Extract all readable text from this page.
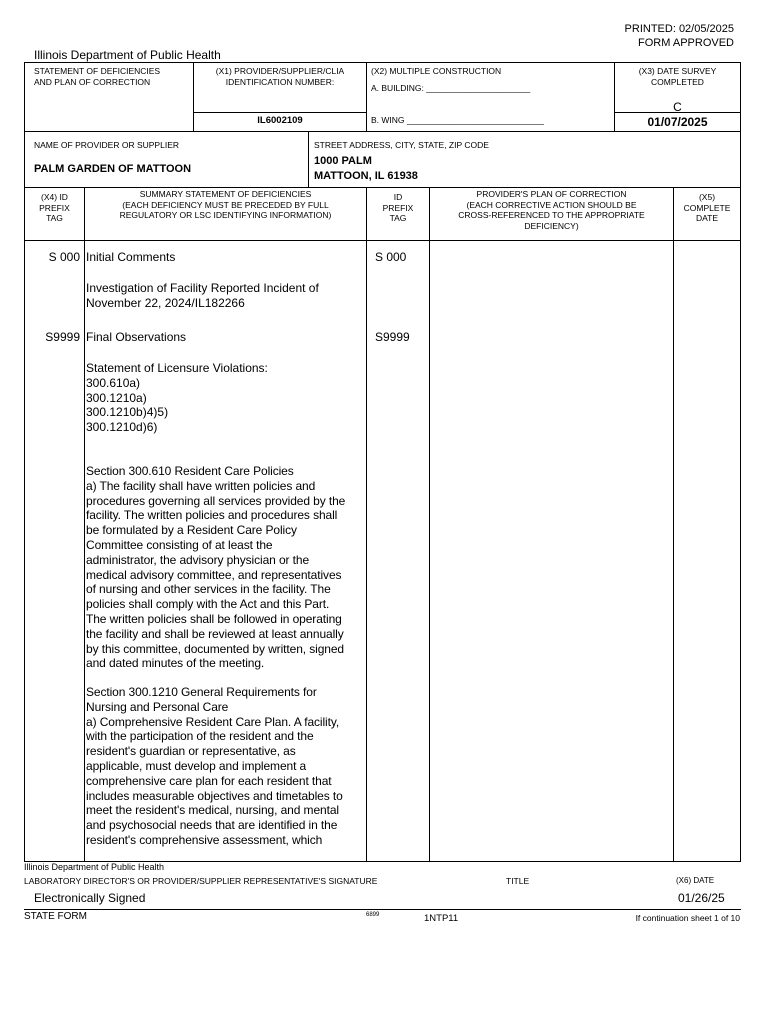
PRINTED: 02/05/2025
FORM APPROVED
Illinois Department of Public Health
STATEMENT OF DEFICIENCIES
AND PLAN OF CORRECTION
(X1) PROVIDER/SUPPLIER/CLIA
IDENTIFICATION NUMBER:
IL6002109
(X2) MULTIPLE CONSTRUCTION
A. BUILDING: ______________________
B. WING _____________________________
(X3) DATE SURVEY
COMPLETED
C
01/07/2025
NAME OF PROVIDER OR SUPPLIER
PALM GARDEN OF MATTOON
STREET ADDRESS, CITY, STATE, ZIP CODE
1000 PALM
MATTOON, IL 61938
(X4) ID
PREFIX
TAG
SUMMARY STATEMENT OF DEFICIENCIES
(EACH DEFICIENCY MUST BE PRECEDED BY FULL
REGULATORY OR LSC IDENTIFYING INFORMATION)
ID
PREFIX
TAG
PROVIDER'S PLAN OF CORRECTION
(EACH CORRECTIVE ACTION SHOULD BE
CROSS-REFERENCED TO THE APPROPRIATE
DEFICIENCY)
(X5)
COMPLETE
DATE
S 000 Initial Comments	S 000
Investigation of Facility Reported Incident of
November 22, 2024/IL182266
S9999 Final Observations	S9999
Statement of Licensure Violations:
300.610a)
300.1210a)
300.1210b)4)5)
300.1210d)6)
Section 300.610 Resident Care Policies
a) The facility shall have written policies and
procedures governing all services provided by the
facility. The written policies and procedures shall
be formulated by a Resident Care Policy
Committee consisting of at least the
administrator, the advisory physician or the
medical advisory committee, and representatives
of nursing and other services in the facility. The
policies shall comply with the Act and this Part.
The written policies shall be followed in operating
the facility and shall be reviewed at least annually
by this committee, documented by written, signed
and dated minutes of the meeting.
Section 300.1210 General Requirements for
Nursing and Personal Care
a) Comprehensive Resident Care Plan. A facility,
with the participation of the resident and the
resident's guardian or representative, as
applicable, must develop and implement a
comprehensive care plan for each resident that
includes measurable objectives and timetables to
meet the resident's medical, nursing, and mental
and psychosocial needs that are identified in the
resident's comprehensive assessment, which
Illinois Department of Public Health
LABORATORY DIRECTOR'S OR PROVIDER/SUPPLIER REPRESENTATIVE'S SIGNATURE	TITLE	(X6) DATE
Electronically Signed	01/26/25
STATE FORM	6899	1NTP11	If continuation sheet 1 of 10
